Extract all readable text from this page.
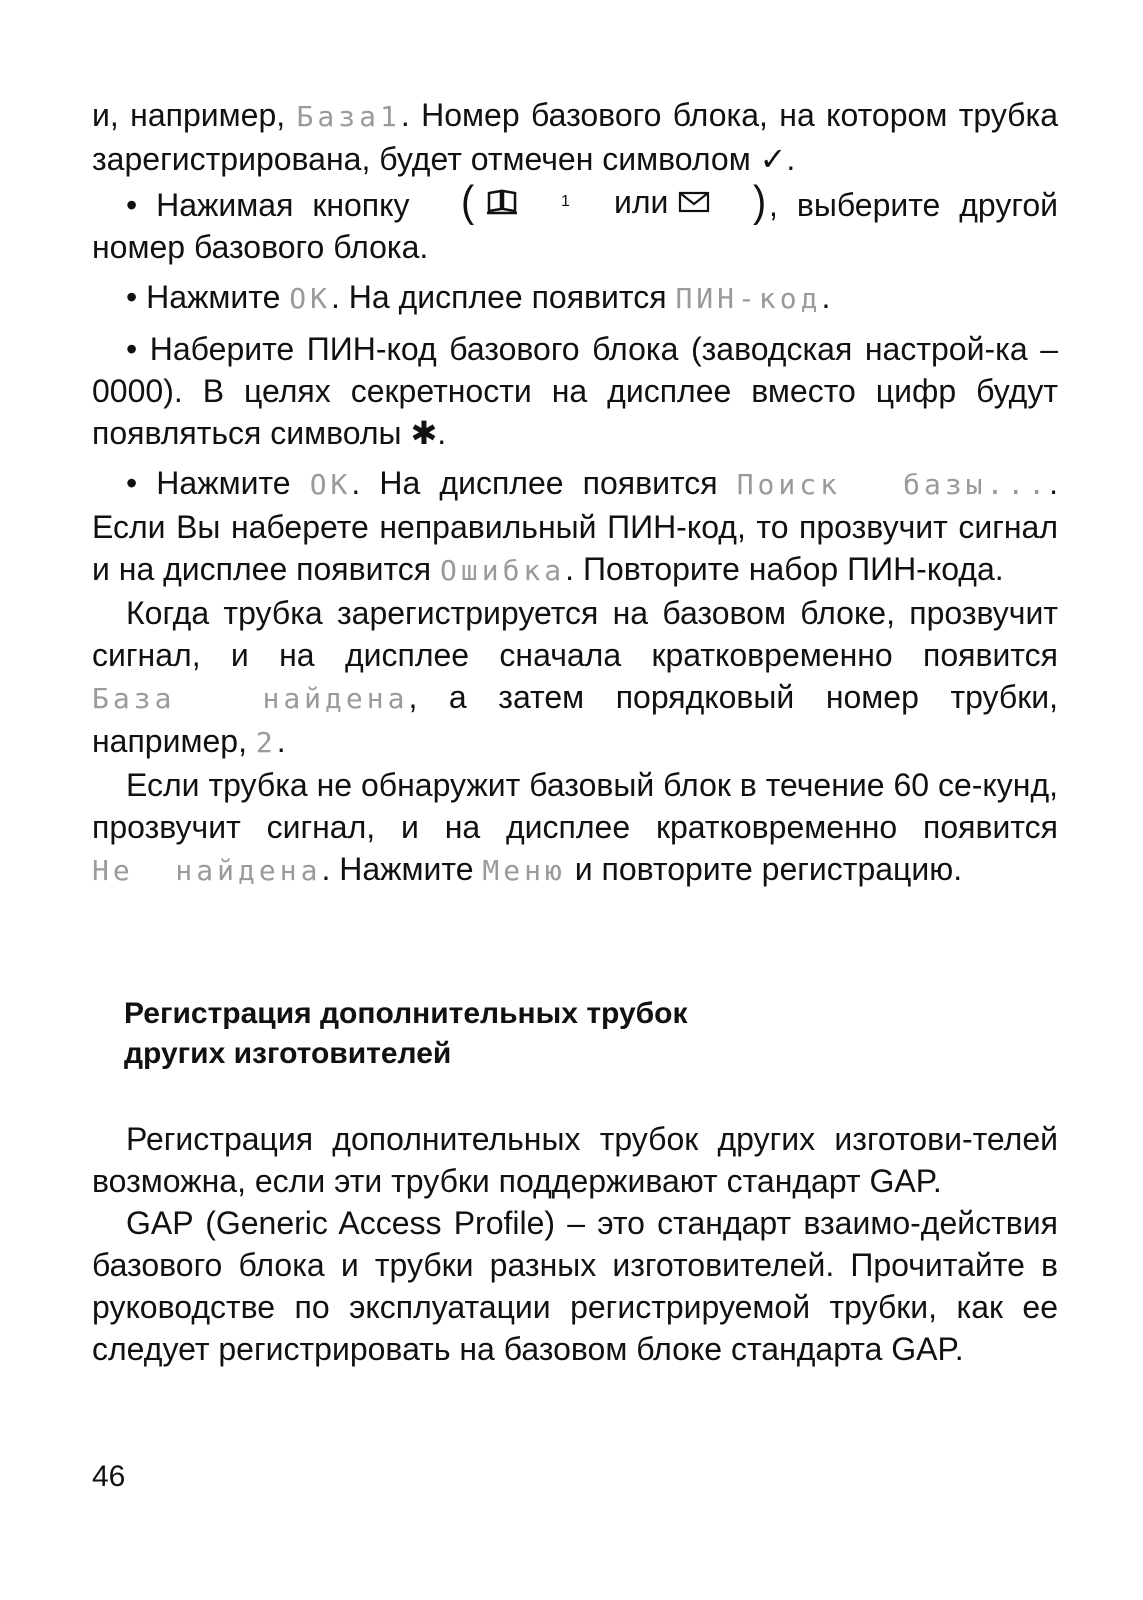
и, например, База1. Номер базового блока, на котором трубка зарегистрирована, будет отмечен символом ✓.

• Нажимая кнопку (	1	или	) , выберите другой номер базового блока.

• Нажмите OK. На дисплее появится ПИН-код.

• Наберите ПИН-код базового блока (заводская настрой-ка – 0000). В целях секретности на дисплее вместо цифр будут появляться символы ✱.

• Нажмите OK. На дисплее появится Поиск  базы.... Если Вы наберете неправильный ПИН-код, то прозвучит сигнал и на дисплее появится Ошибка. Повторите набор ПИН-кода.

Когда трубка зарегистрируется на базовом блоке, прозвучит сигнал, и на дисплее сначала кратковременно появится База  найдена, а затем порядковый номер трубки, например, 2.

Если трубка не обнаружит базовый блок в течение 60 се-кунд, прозвучит сигнал, и на дисплее кратковременно появится Не  найдена. Нажмите Меню и повторите регистрацию.

Регистрация дополнительных трубок
других изготовителей

Регистрация дополнительных трубок других изготови-телей возможна, если эти трубки поддерживают стандарт GAP.

GAP (Generic Access Profile) – это стандарт взаимо-действия базового блока и трубки разных изготовителей. Прочитайте в руководстве по эксплуатации регистрируемой трубки, как ее следует регистрировать на базовом блоке стандарта GAP.

46
